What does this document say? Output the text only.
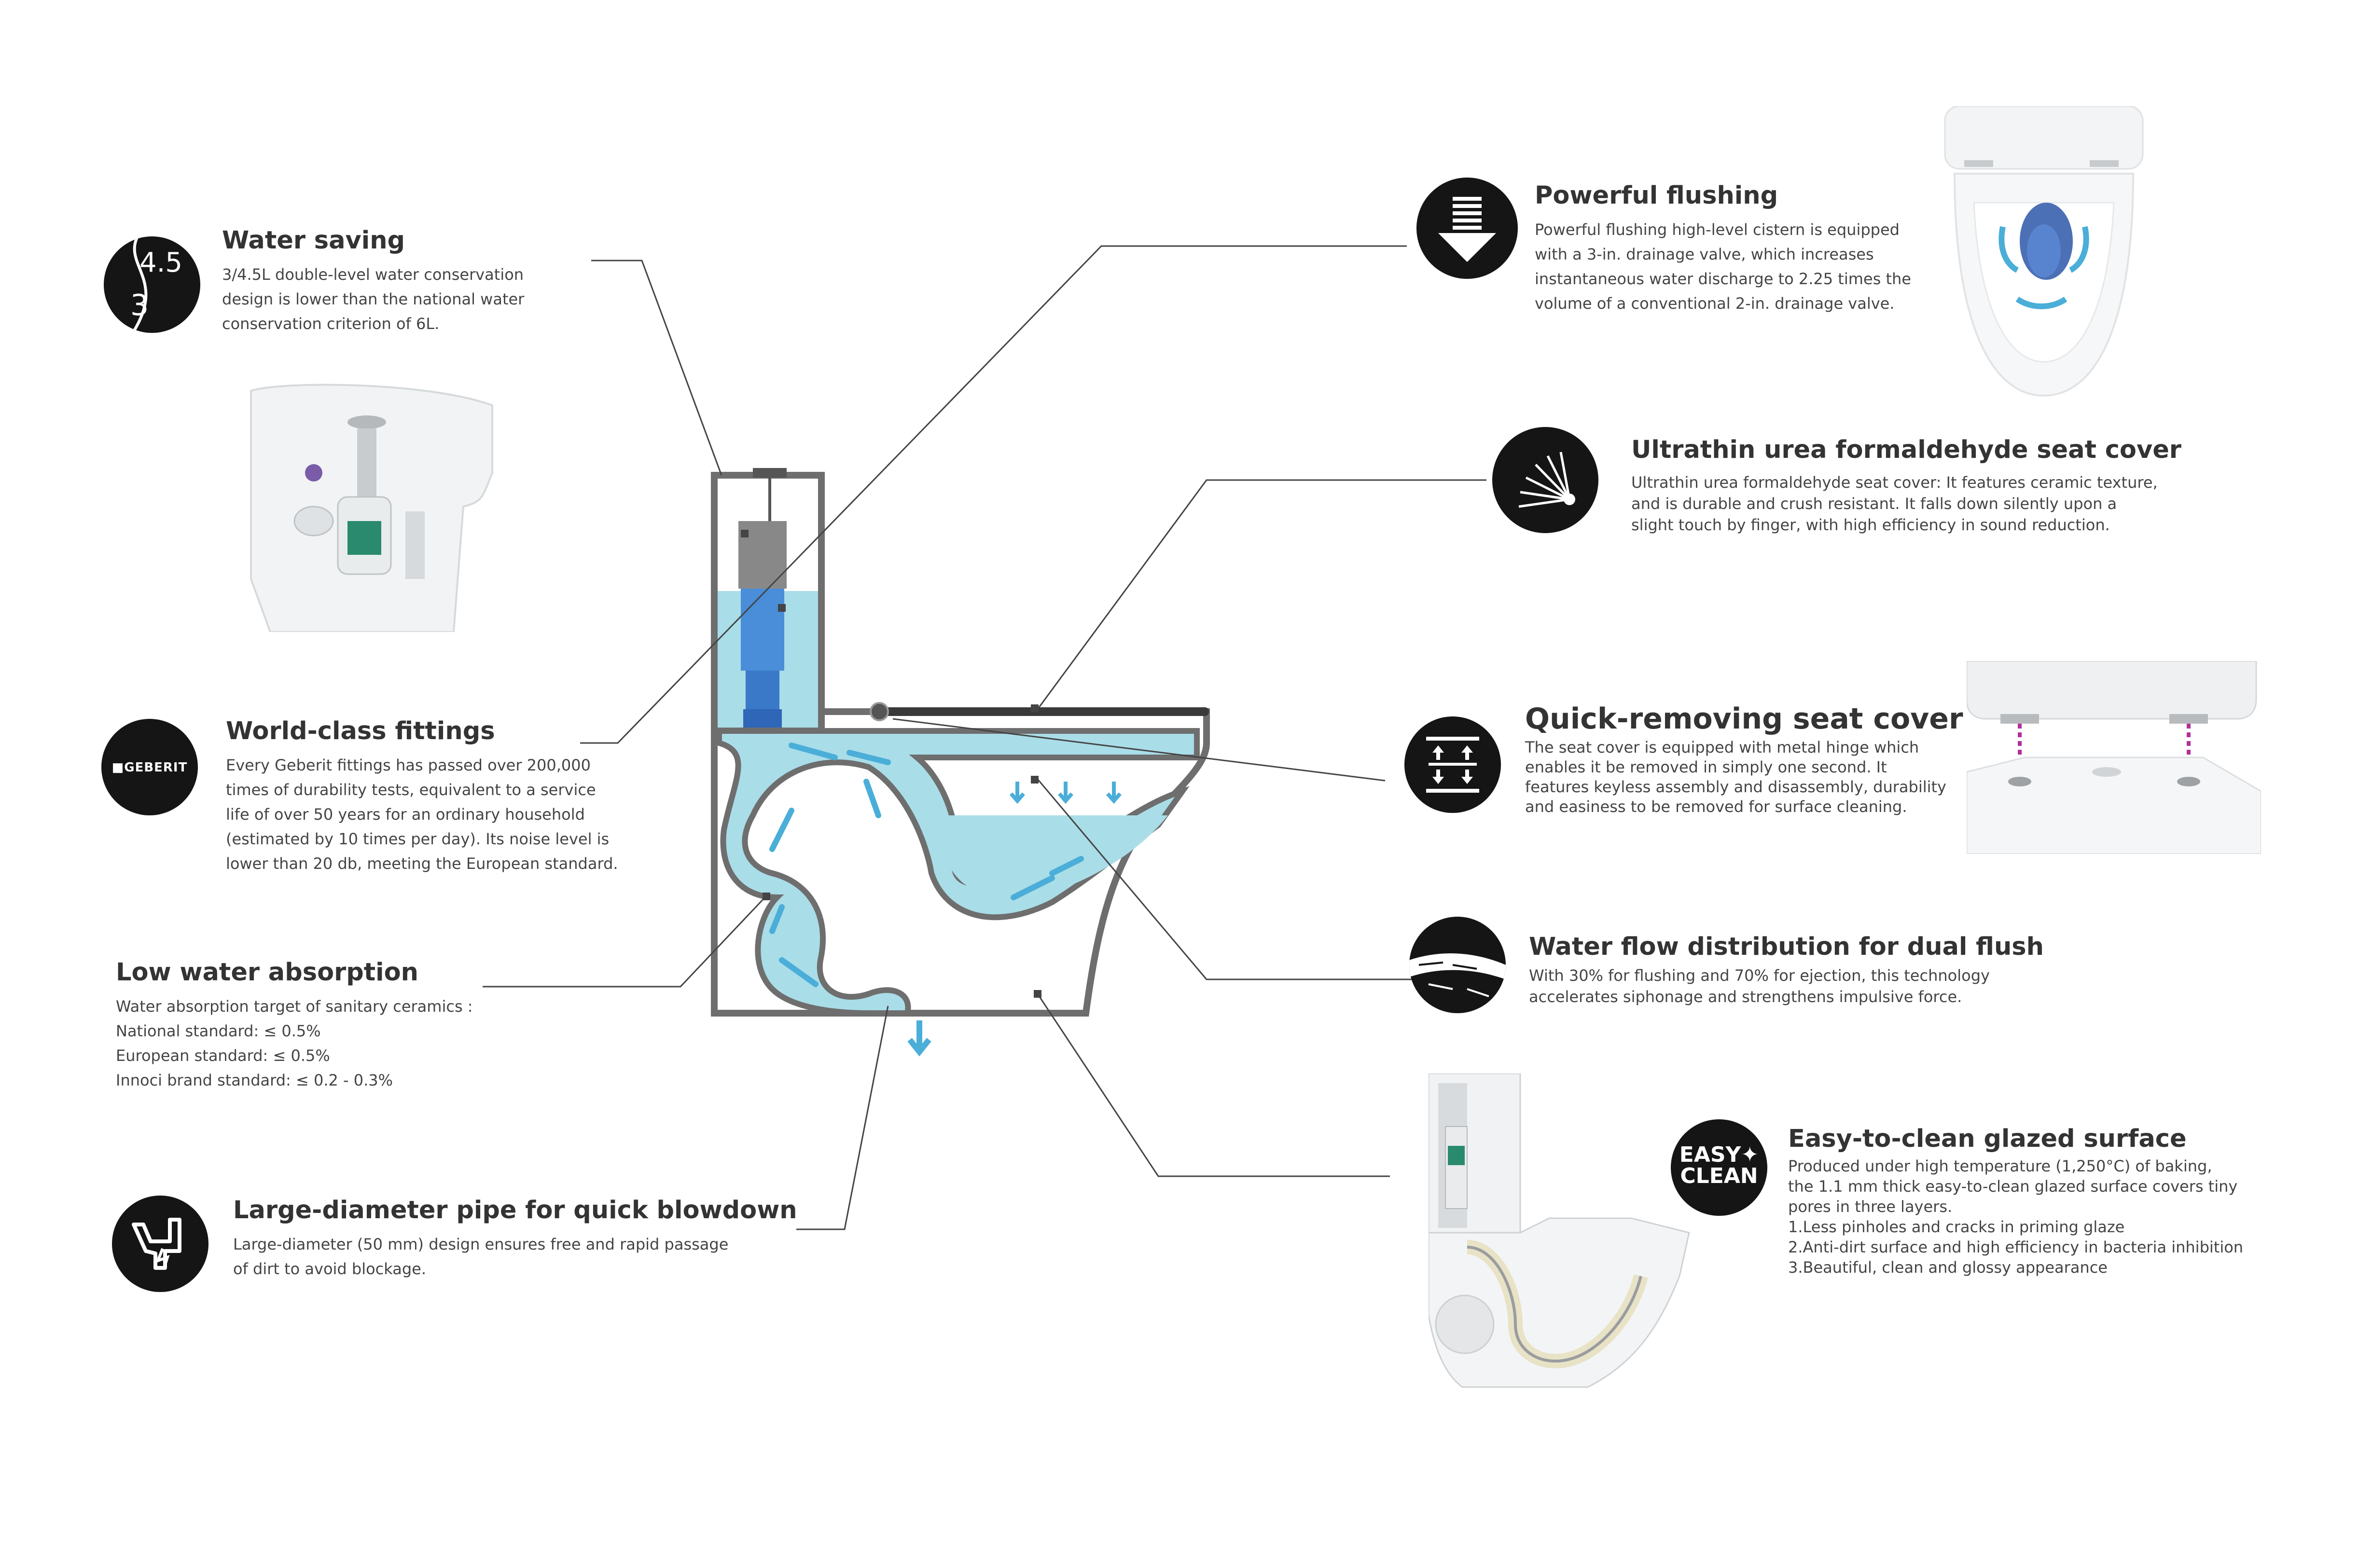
4.5
3
Water saving

3/4.5L double-level water conservation
design is lower than the national water
conservation criterion of 6L.

■GEBERIT
World-class fittings

Every Geberit fittings has passed over 200,000
times of durability tests, equivalent to a service
life of over 50 years for an ordinary household
(estimated by 10 times per day). Its noise level is
lower than 20 db, meeting the European standard.

Low water absorption

Water absorption target of sanitary ceramics :
National standard: ≤ 0.5%
European standard: ≤ 0.5%
Innoci brand standard: ≤ 0.2 - 0.3%

Large-diameter pipe for quick blowdown

Large-diameter (50 mm) design ensures free and rapid passage
of dirt to avoid blockage.

Powerful flushing

Powerful flushing high-level cistern is equipped
with a 3-in. drainage valve, which increases
instantaneous water discharge to 2.25 times the
volume of a conventional 2-in. drainage valve.

Ultrathin urea formaldehyde seat cover

Ultrathin urea formaldehyde seat cover: It features ceramic texture,
and is durable and crush resistant. It falls down silently upon a
slight touch by finger, with high efficiency in sound reduction.

Quick-removing seat cover

The seat cover is equipped with metal hinge which
enables it be removed in simply one second. It
features keyless assembly and disassembly, durability
and easiness to be removed for surface cleaning.

Water flow distribution for dual flush

With 30% for flushing and 70% for ejection, this technology
accelerates siphonage and strengthens impulsive force.

EASY✦
CLEAN
Easy-to-clean glazed surface

Produced under high temperature (1,250°C) of baking,
the 1.1 mm thick easy-to-clean glazed surface covers tiny
pores in three layers.
1.Less pinholes and cracks in priming glaze
2.Anti-dirt surface and high efficiency in bacteria inhibition
3.Beautiful, clean and glossy appearance
